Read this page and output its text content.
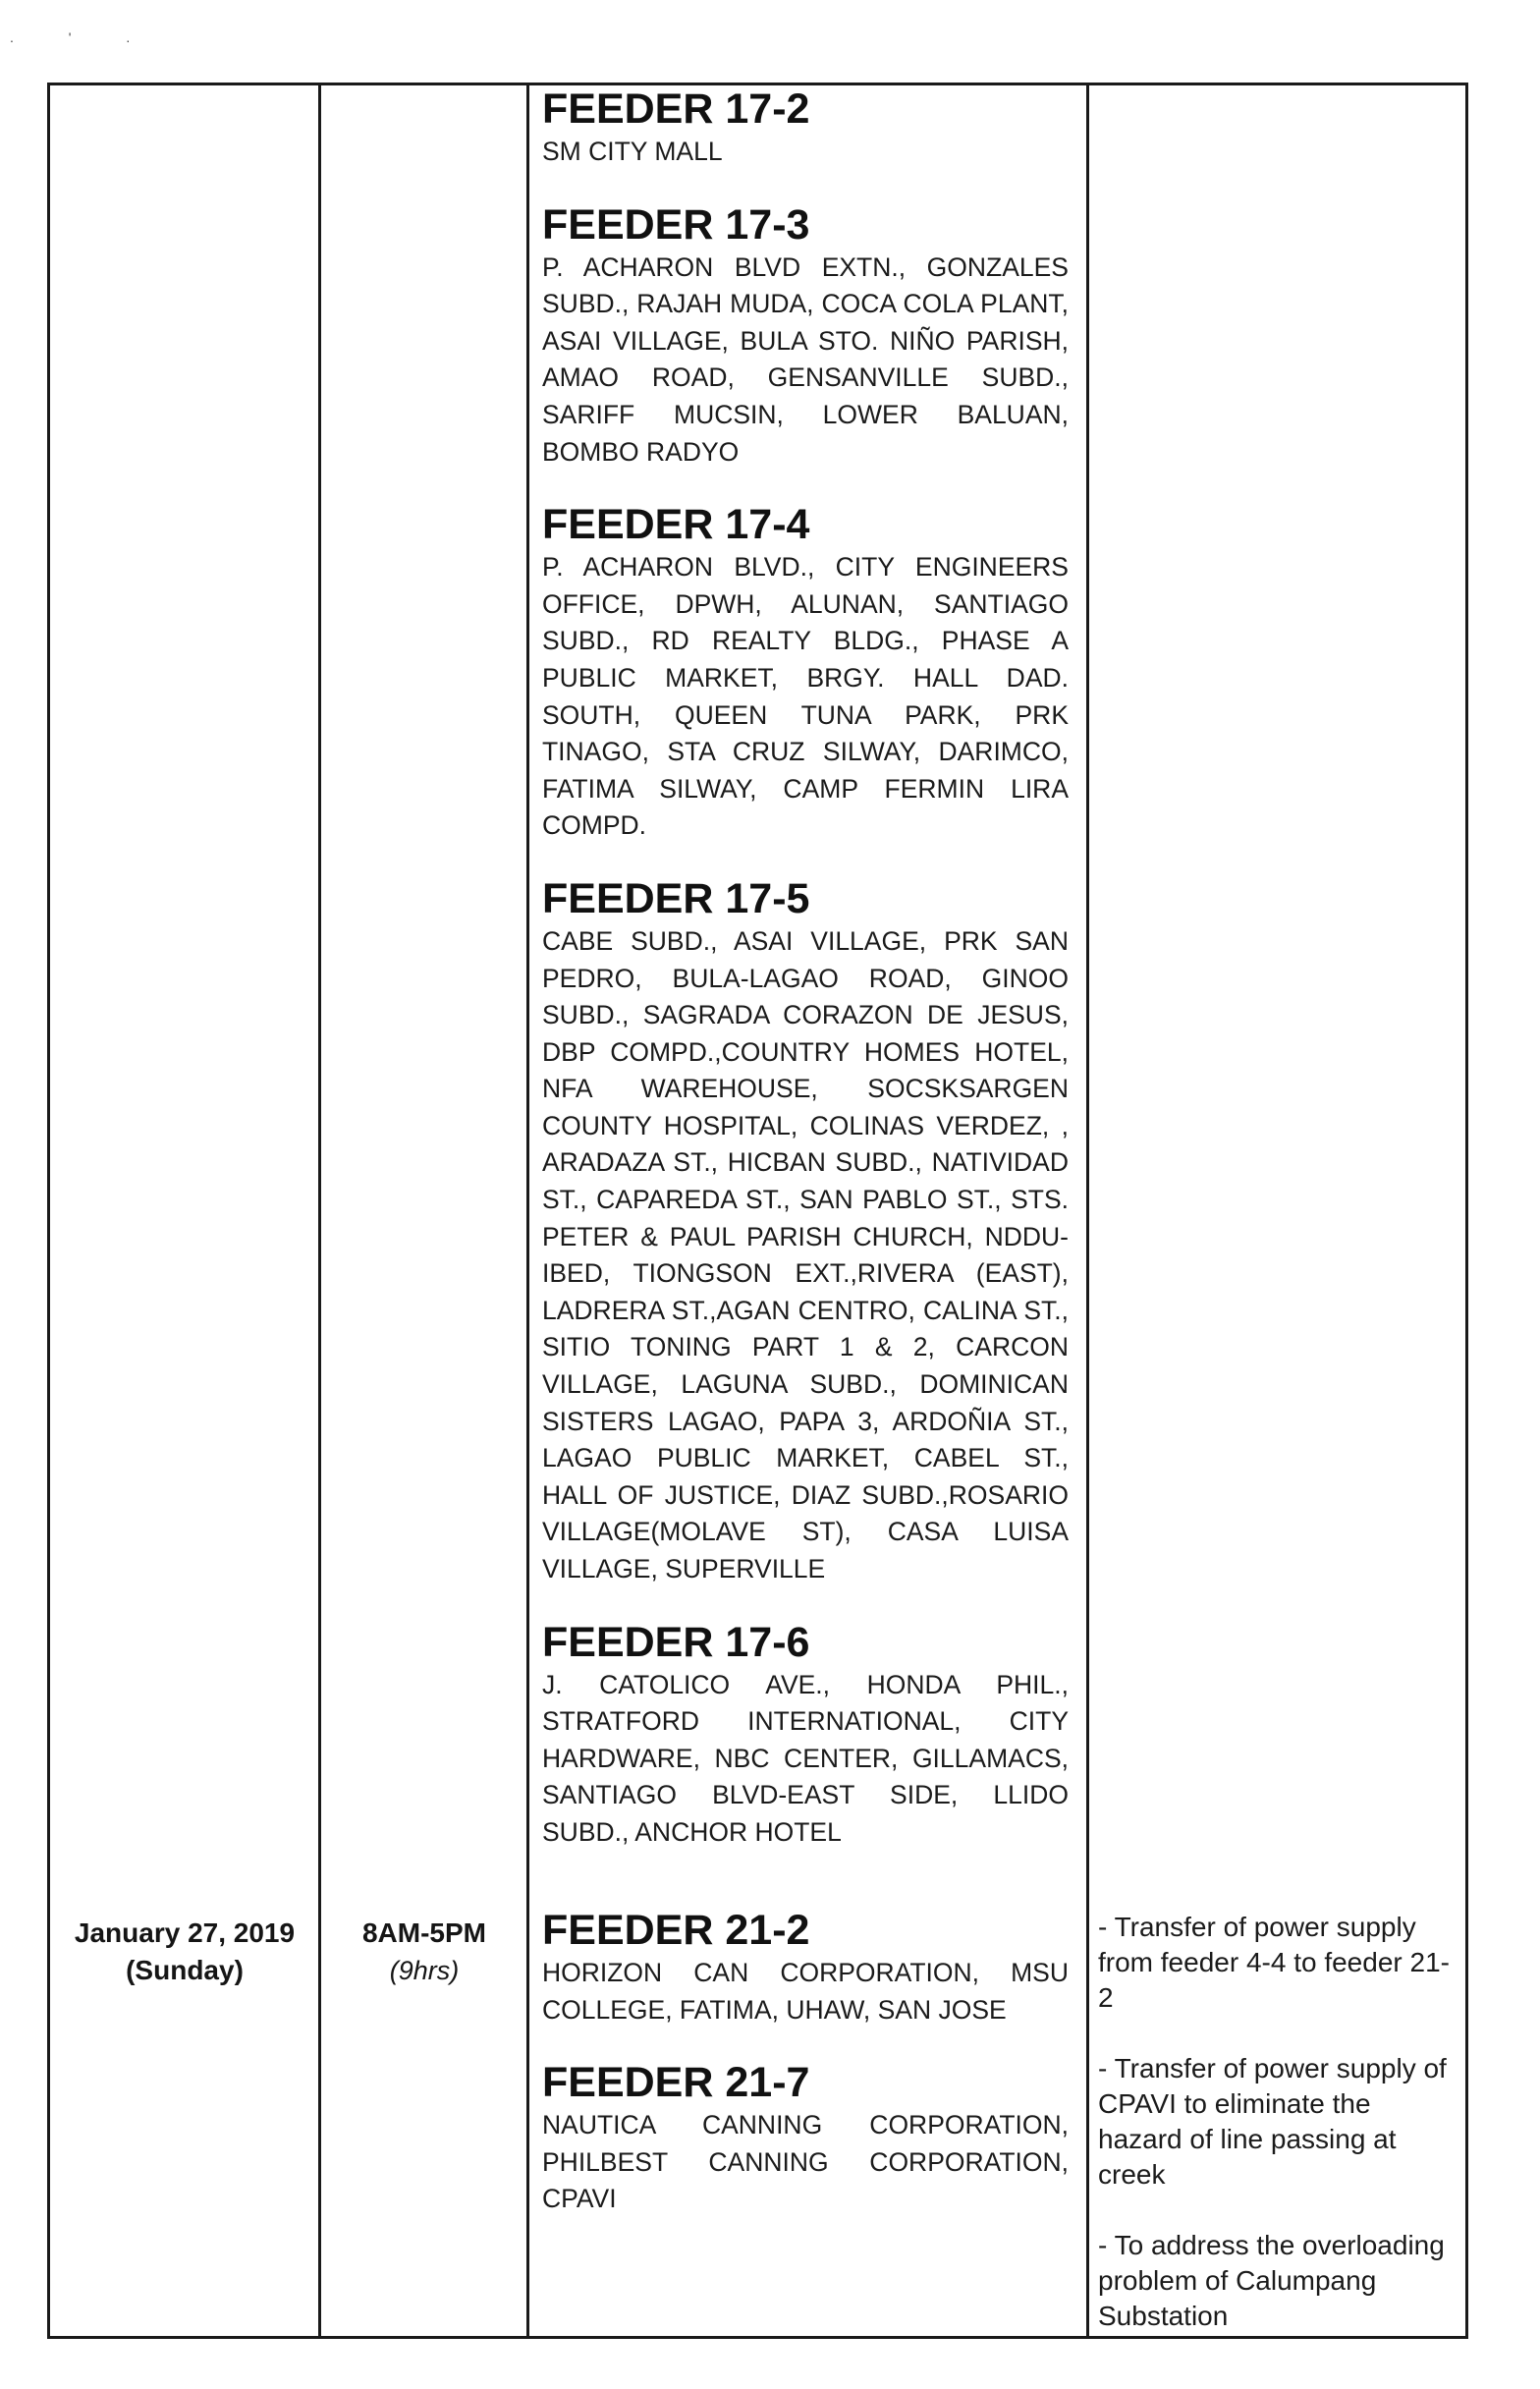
. ' .
January 27, 2019
(Sunday)
8AM-5PM
(9hrs)
FEEDER 17-2

SM CITY MALL

FEEDER 17-3

P. ACHARON BLVD EXTN., GONZALES SUBD., RAJAH MUDA, COCA COLA PLANT, ASAI VILLAGE, BULA STO. NIÑO PARISH, AMAO ROAD, GENSANVILLE SUBD., SARIFF MUCSIN, LOWER BALUAN, BOMBO RADYO

FEEDER 17-4

P. ACHARON BLVD., CITY ENGINEERS OFFICE, DPWH, ALUNAN, SANTIAGO SUBD., RD REALTY BLDG., PHASE A PUBLIC MARKET, BRGY. HALL DAD. SOUTH, QUEEN TUNA PARK, PRK TINAGO, STA CRUZ SILWAY, DARIMCO, FATIMA SILWAY, CAMP FERMIN LIRA COMPD.

FEEDER 17-5

CABE SUBD., ASAI VILLAGE, PRK SAN PEDRO, BULA-LAGAO ROAD, GINOO SUBD., SAGRADA CORAZON DE JESUS, DBP COMPD.,COUNTRY HOMES HOTEL, NFA WAREHOUSE, SOCSKSARGEN COUNTY HOSPITAL, COLINAS VERDEZ, , ARADAZA ST., HICBAN SUBD., NATIVIDAD ST., CAPAREDA ST., SAN PABLO ST., STS. PETER & PAUL PARISH CHURCH, NDDU-IBED, TIONGSON EXT.,RIVERA (EAST), LADRERA ST.,AGAN CENTRO, CALINA ST., SITIO TONING PART 1 & 2, CARCON VILLAGE, LAGUNA SUBD., DOMINICAN SISTERS LAGAO, PAPA 3, ARDOÑIA ST., LAGAO PUBLIC MARKET, CABEL ST., HALL OF JUSTICE, DIAZ SUBD.,ROSARIO VILLAGE(MOLAVE ST), CASA LUISA VILLAGE, SUPERVILLE

FEEDER 17-6

J. CATOLICO AVE., HONDA PHIL., STRATFORD INTERNATIONAL, CITY HARDWARE, NBC CENTER, GILLAMACS, SANTIAGO BLVD-EAST SIDE, LLIDO SUBD., ANCHOR HOTEL

FEEDER 21-2

HORIZON CAN CORPORATION, MSU COLLEGE, FATIMA, UHAW, SAN JOSE

FEEDER 21-7

NAUTICA CANNING CORPORATION, PHILBEST CANNING CORPORATION, CPAVI

- Transfer of power supply from feeder 4-4 to feeder 21-2

- Transfer of power supply of CPAVI to eliminate the hazard of line passing at creek

- To address the overloading problem of Calumpang Substation
